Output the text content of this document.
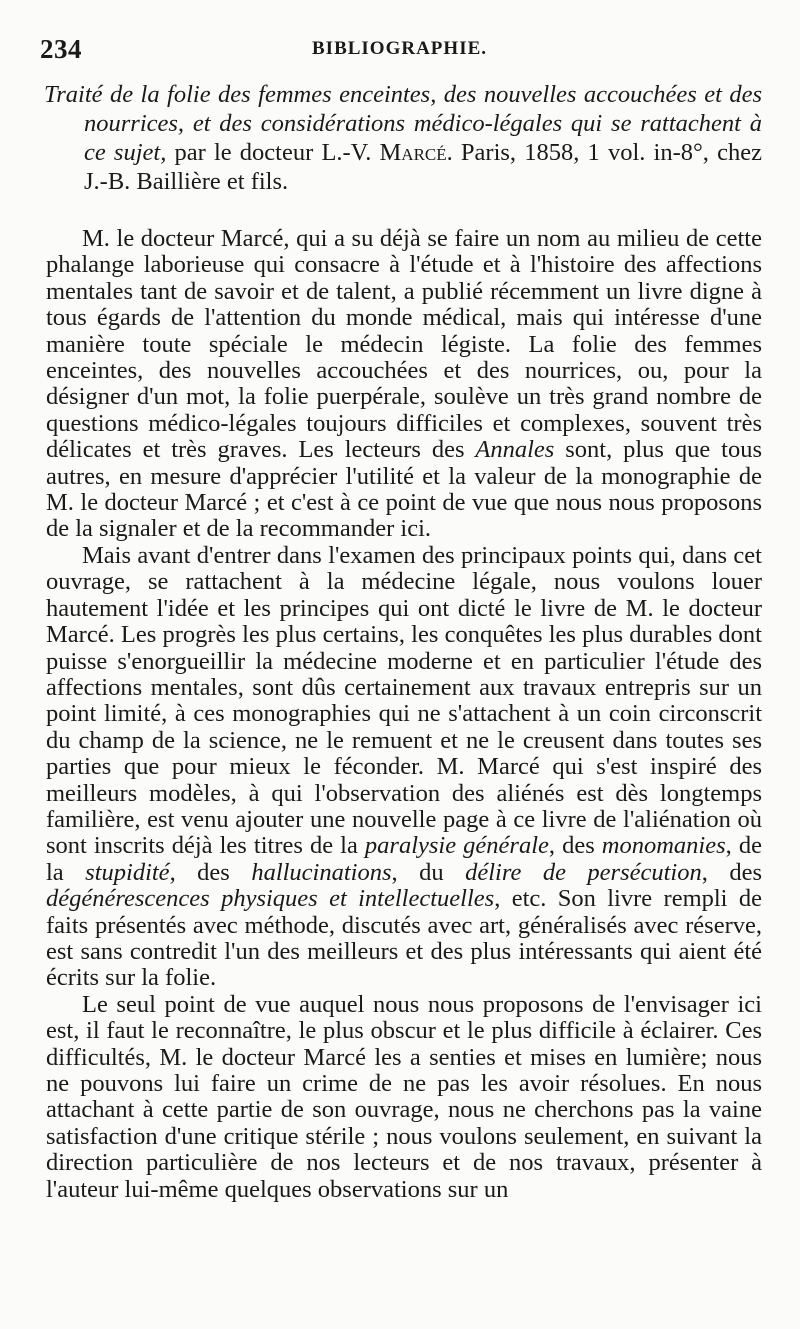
234	BIBLIOGRAPHIE.
Traité de la folie des femmes enceintes, des nouvelles accouchées et des nourrices, et des considérations médico-légales qui se rattachent à ce sujet, par le docteur L.-V. Marcé. Paris, 1858, 1 vol. in-8°, chez J.-B. Baillière et fils.

M. le docteur Marcé, qui a su déjà se faire un nom au milieu de cette phalange laborieuse qui consacre à l'étude et à l'histoire des affections mentales tant de savoir et de talent, a publié récemment un livre digne à tous égards de l'attention du monde médical, mais qui intéresse d'une manière toute spéciale le médecin légiste. La folie des femmes enceintes, des nouvelles accouchées et des nourrices, ou, pour la désigner d'un mot, la folie puerpérale, soulève un très grand nombre de questions médico-légales toujours difficiles et complexes, souvent très délicates et très graves. Les lecteurs des Annales sont, plus que tous autres, en mesure d'apprécier l'utilité et la valeur de la monographie de M. le docteur Marcé ; et c'est à ce point de vue que nous nous proposons de la signaler et de la recommander ici.

Mais avant d'entrer dans l'examen des principaux points qui, dans cet ouvrage, se rattachent à la médecine légale, nous voulons louer hautement l'idée et les principes qui ont dicté le livre de M. le docteur Marcé. Les progrès les plus certains, les conquêtes les plus durables dont puisse s'enorgueillir la médecine moderne et en particulier l'étude des affections mentales, sont dûs certainement aux travaux entrepris sur un point limité, à ces monographies qui ne s'attachent à un coin circonscrit du champ de la science, ne le remuent et ne le creusent dans toutes ses parties que pour mieux le féconder. M. Marcé qui s'est inspiré des meilleurs modèles, à qui l'observation des aliénés est dès longtemps familière, est venu ajouter une nouvelle page à ce livre de l'aliénation où sont inscrits déjà les titres de la paralysie générale, des monomanies, de la stupidité, des hallucinations, du délire de persécution, des dégénérescences physiques et intellectuelles, etc. Son livre rempli de faits présentés avec méthode, discutés avec art, généralisés avec réserve, est sans contredit l'un des meilleurs et des plus intéressants qui aient été écrits sur la folie.

Le seul point de vue auquel nous nous proposons de l'envisager ici est, il faut le reconnaître, le plus obscur et le plus difficile à éclairer. Ces difficultés, M. le docteur Marcé les a senties et mises en lumière; nous ne pouvons lui faire un crime de ne pas les avoir résolues. En nous attachant à cette partie de son ouvrage, nous ne cherchons pas la vaine satisfaction d'une critique stérile ; nous voulons seulement, en suivant la direction particulière de nos lecteurs et de nos travaux, présenter à l'auteur lui-même quelques observations sur un
